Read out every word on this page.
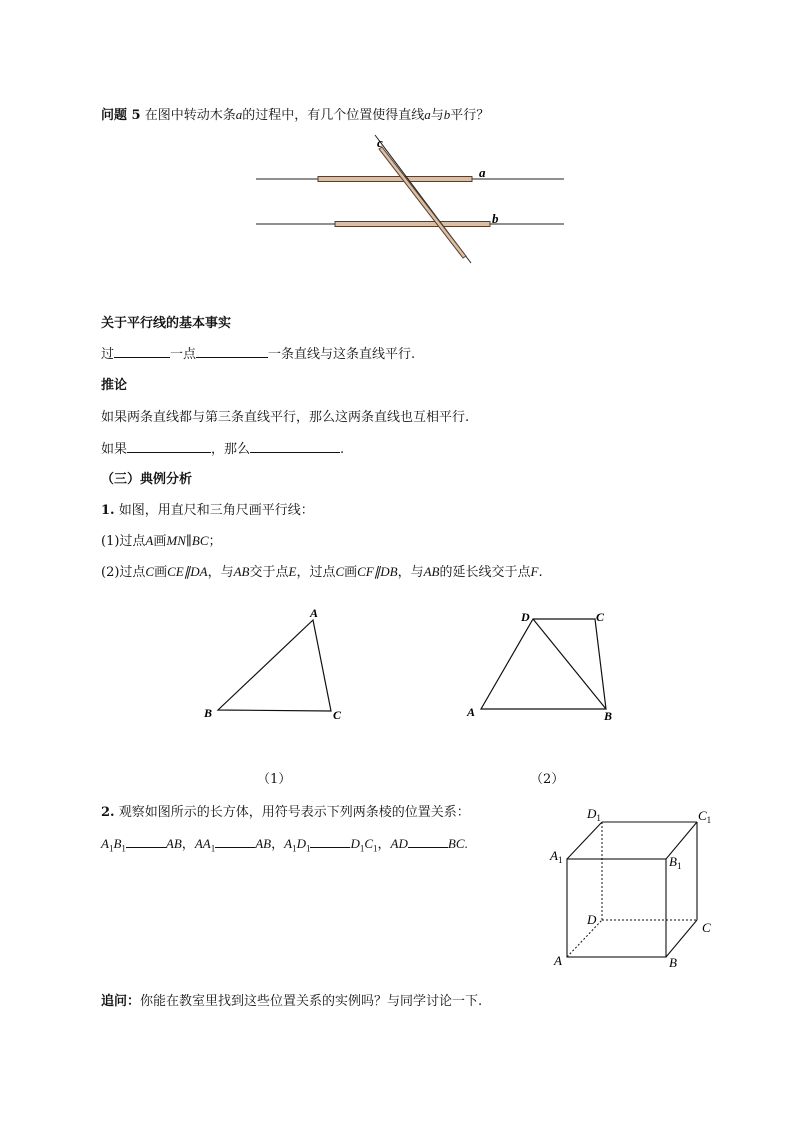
问题 5 在图中转动木条a的过程中，有几个位置使得直线a与b平行？
c
a
b
关于平行线的基本事实
过	一点	一条直线与这条直线平行.
推论
如果两条直线都与第三条直线平行，那么这两条直线也互相平行.
如果	，那么	.
（三）典例分析
1. 如图，用直尺和三角尺画平行线：
(1)过点A画MN∥BC；
(2)过点C画CE∥DA，与AB交于点E，过点C画CF∥DB，与AB的延长线交于点F.
A
B	C
D	C
A	B
（1）	（2）
2. 观察如图所示的长方体，用符号表示下列两条棱的位置关系：
$A_1B_1$	AB，$AA_1$	AB，$A_1D_1$	$D_1C_1$，AD	BC.
$D_1$	$C_1$
$A_1$	$B_1$
D
C
A	B
追问：你能在教室里找到这些位置关系的实例吗？与同学讨论一下.
